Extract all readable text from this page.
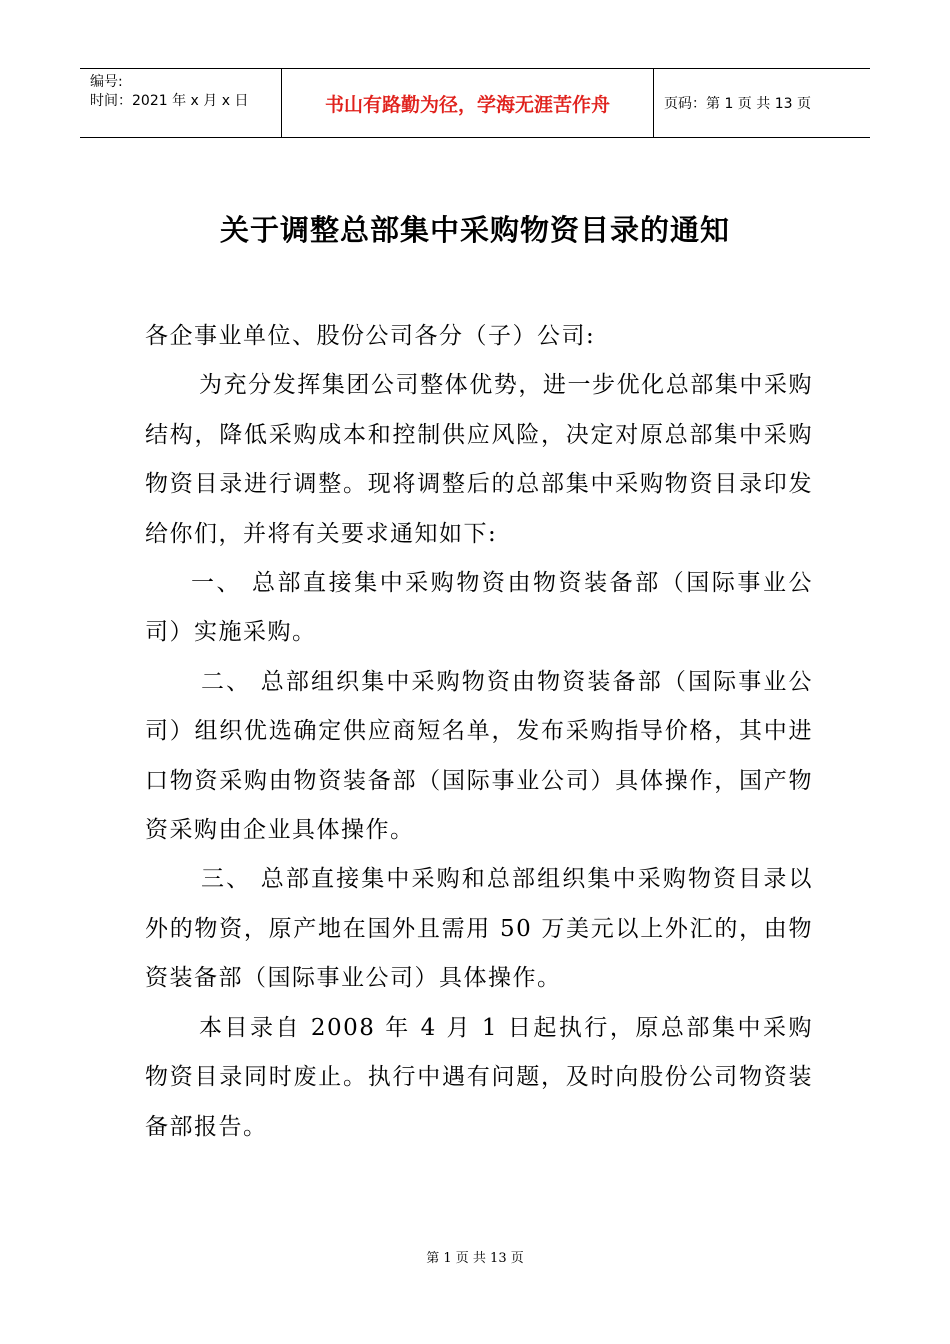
编号:
时间：2021 年 x 月 x 日	书山有路勤为径，学海无涯苦作舟	页码：第 1 页 共 13 页
关于调整总部集中采购物资目录的通知

各企事业单位、股份公司各分（子）公司:

为充分发挥集团公司整体优势，进一步优化总部集中采购结构，降低采购成本和控制供应风险，决定对原总部集中采购物资目录进行调整。现将调整后的总部集中采购物资目录印发给你们，并将有关要求通知如下:

一、 总部直接集中采购物资由物资装备部（国际事业公司）实施采购。

二、 总部组织集中采购物资由物资装备部（国际事业公司）组织优选确定供应商短名单，发布采购指导价格，其中进口物资采购由物资装备部（国际事业公司）具体操作，国产物资采购由企业具体操作。

三、 总部直接集中采购和总部组织集中采购物资目录以外的物资，原产地在国外且需用 50 万美元以上外汇的，由物资装备部（国际事业公司）具体操作。

本目录自 2008 年 4 月 1 日起执行，原总部集中采购物资目录同时废止。执行中遇有问题，及时向股份公司物资装备部报告。

第 1 页 共 13 页
